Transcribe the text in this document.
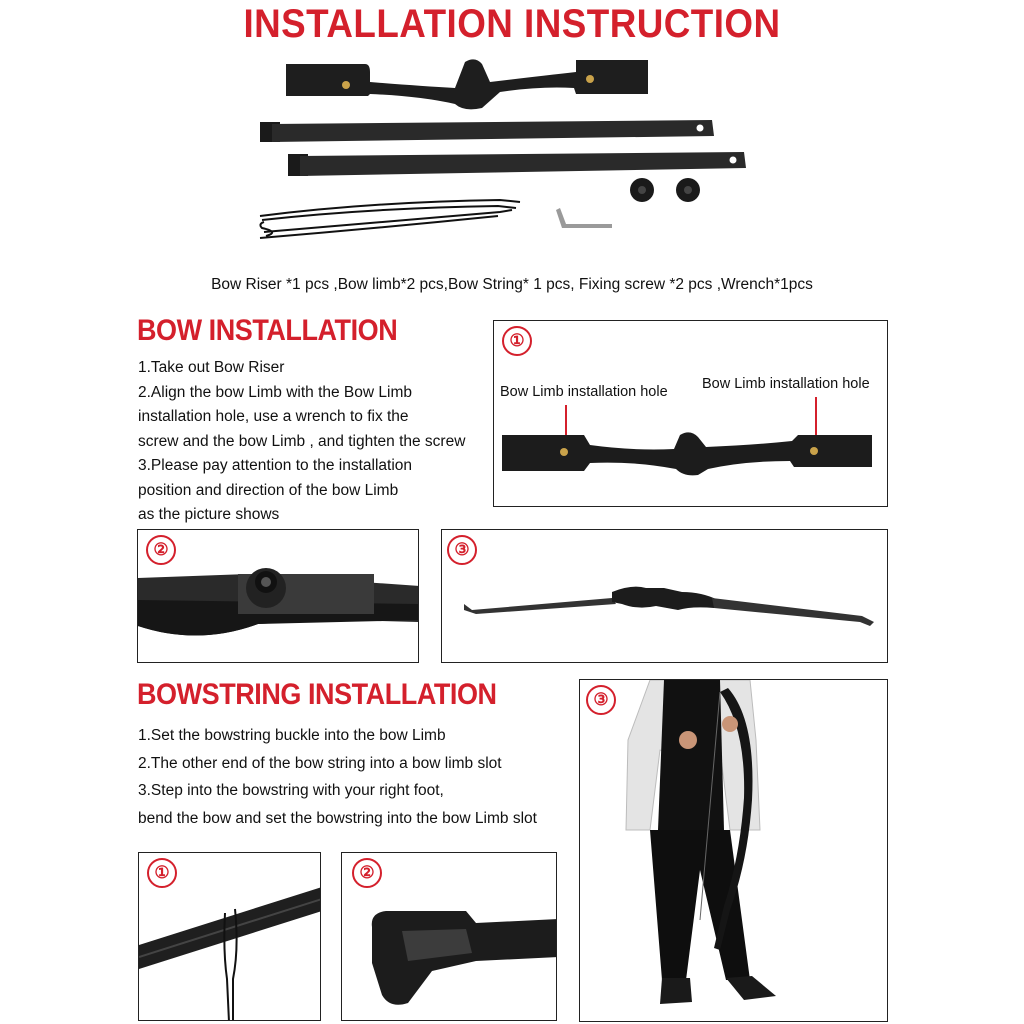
INSTALLATION INSTRUCTION
Bow Riser *1 pcs ,Bow limb*2 pcs,Bow String* 1 pcs, Fixing screw *2 pcs ,Wrench*1pcs
BOW INSTALLATION
1.Take out Bow Riser
2.Align the bow Limb with the Bow Limb
installation hole, use a wrench to fix the
screw and the bow Limb , and tighten the screw
3.Please pay attention to the installation
position and direction of the bow Limb
as the picture shows
①
Bow Limb installation hole Bow Limb installation hole
②	③
BOWSTRING INSTALLATION
1.Set the bowstring buckle into the bow Limb
2.The other end of the bow string into a bow limb slot
3.Step into the bowstring with your right foot,
bend the bow and set the bowstring into the bow Limb slot
③
①	②
